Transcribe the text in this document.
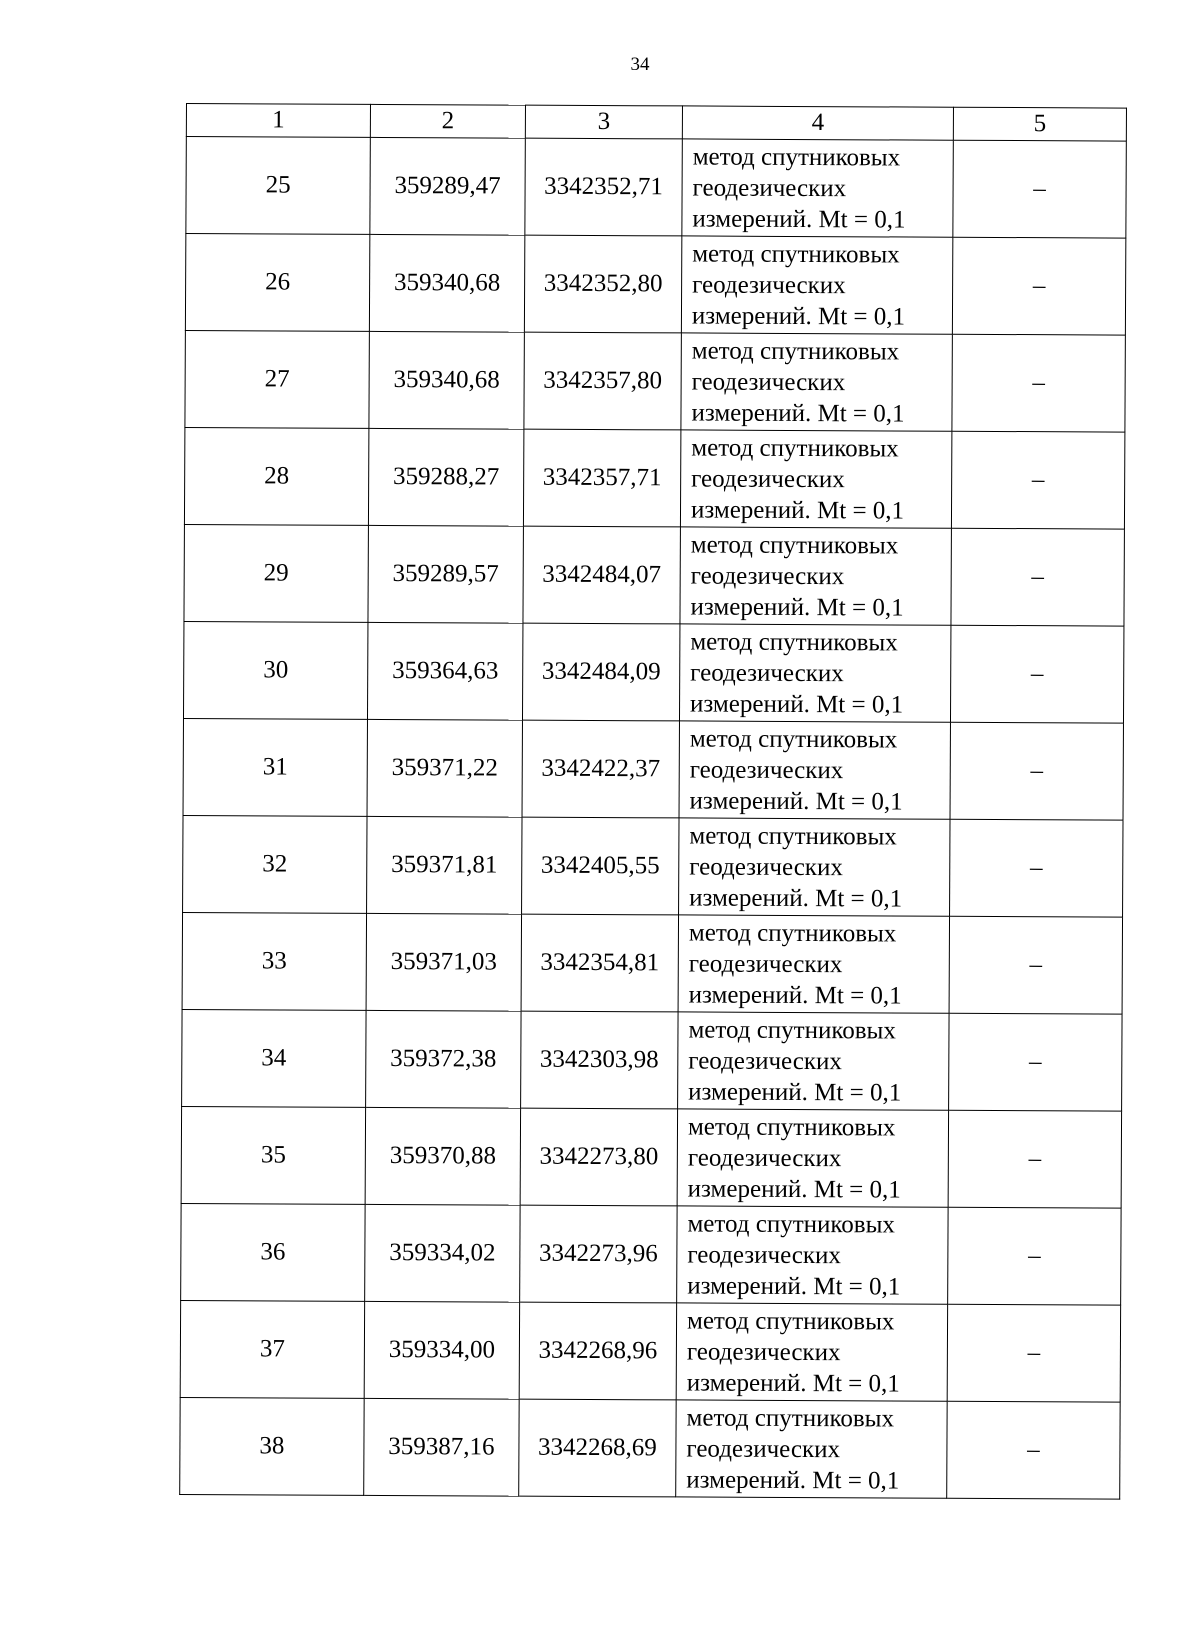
34
1	2	3	4	5
25	359289,47	3342352,71	метод спутниковых
геодезических
измерений. Mt = 0,1	–
26	359340,68	3342352,80	метод спутниковых
геодезических
измерений. Mt = 0,1	–
27	359340,68	3342357,80	метод спутниковых
геодезических
измерений. Mt = 0,1	–
28	359288,27	3342357,71	метод спутниковых
геодезических
измерений. Mt = 0,1	–
29	359289,57	3342484,07	метод спутниковых
геодезических
измерений. Mt = 0,1	–
30	359364,63	3342484,09	метод спутниковых
геодезических
измерений. Mt = 0,1	–
31	359371,22	3342422,37	метод спутниковых
геодезических
измерений. Mt = 0,1	–
32	359371,81	3342405,55	метод спутниковых
геодезических
измерений. Mt = 0,1	–
33	359371,03	3342354,81	метод спутниковых
геодезических
измерений. Mt = 0,1	–
34	359372,38	3342303,98	метод спутниковых
геодезических
измерений. Mt = 0,1	–
35	359370,88	3342273,80	метод спутниковых
геодезических
измерений. Mt = 0,1	–
36	359334,02	3342273,96	метод спутниковых
геодезических
измерений. Mt = 0,1	–
37	359334,00	3342268,96	метод спутниковых
геодезических
измерений. Mt = 0,1	–
38	359387,16	3342268,69	метод спутниковых
геодезических
измерений. Mt = 0,1	–
